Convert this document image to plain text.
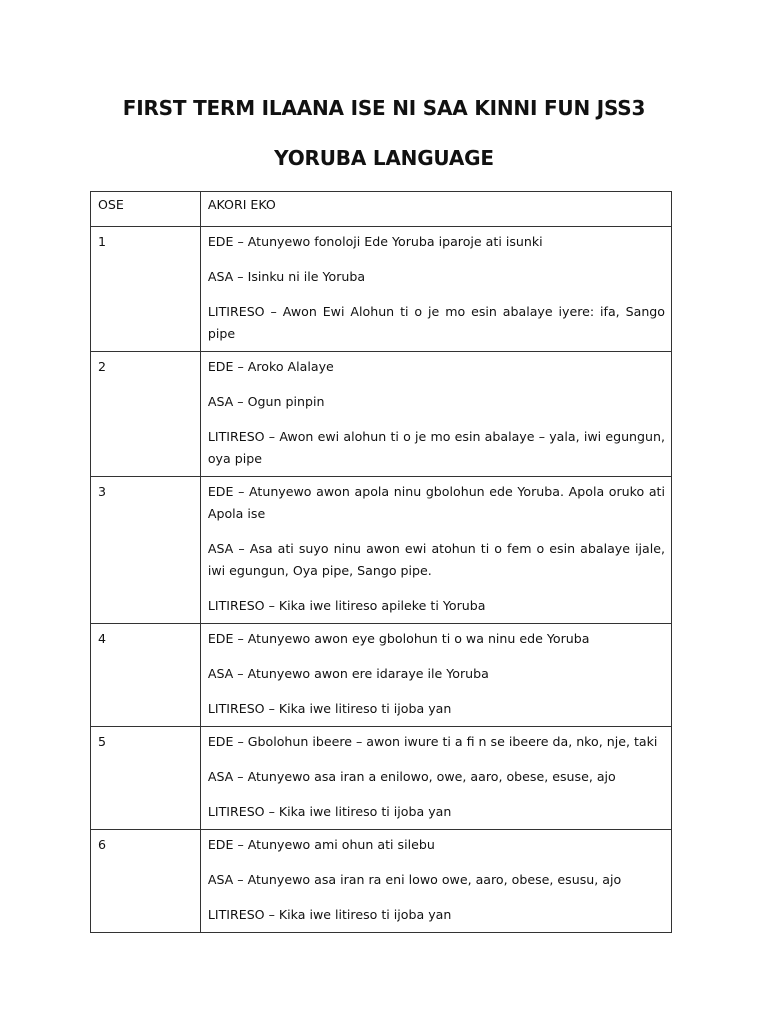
FIRST TERM ILAANA ISE NI SAA KINNI FUN JSS3
YORUBA LANGUAGE
OSE	AKORI EKO
1	EDE – Atunyewo fonoloji Ede Yoruba iparoje ati isunki
ASA – Isinku ni ile Yoruba
LITIRESO – Awon Ewi Alohun ti o je mo esin abalaye iyere: ifa, Sango pipe

2	EDE – Aroko Alalaye
ASA – Ogun pinpin
LITIRESO – Awon ewi alohun ti o je mo esin abalaye – yala, iwi egungun, oya pipe

3	EDE – Atunyewo awon apola ninu gbolohun ede Yoruba. Apola oruko ati Apola ise
ASA – Asa ati suyo ninu awon ewi atohun ti o fem o esin abalaye ijale, iwi egungun, Oya pipe, Sango pipe.
LITIRESO – Kika iwe litireso apileke ti Yoruba

4	EDE – Atunyewo awon eye gbolohun ti o wa ninu ede Yoruba
ASA – Atunyewo awon ere idaraye ile Yoruba
LITIRESO – Kika iwe litireso ti ijoba yan

5	EDE – Gbolohun ibeere – awon iwure ti a fi n se ibeere da, nko, nje, taki
ASA – Atunyewo asa iran a enilowo, owe, aaro, obese, esuse, ajo
LITIRESO – Kika iwe litireso ti ijoba yan

6	EDE – Atunyewo ami ohun ati silebu
ASA – Atunyewo asa iran ra eni lowo owe, aaro, obese, esusu, ajo
LITIRESO – Kika iwe litireso ti ijoba yan
